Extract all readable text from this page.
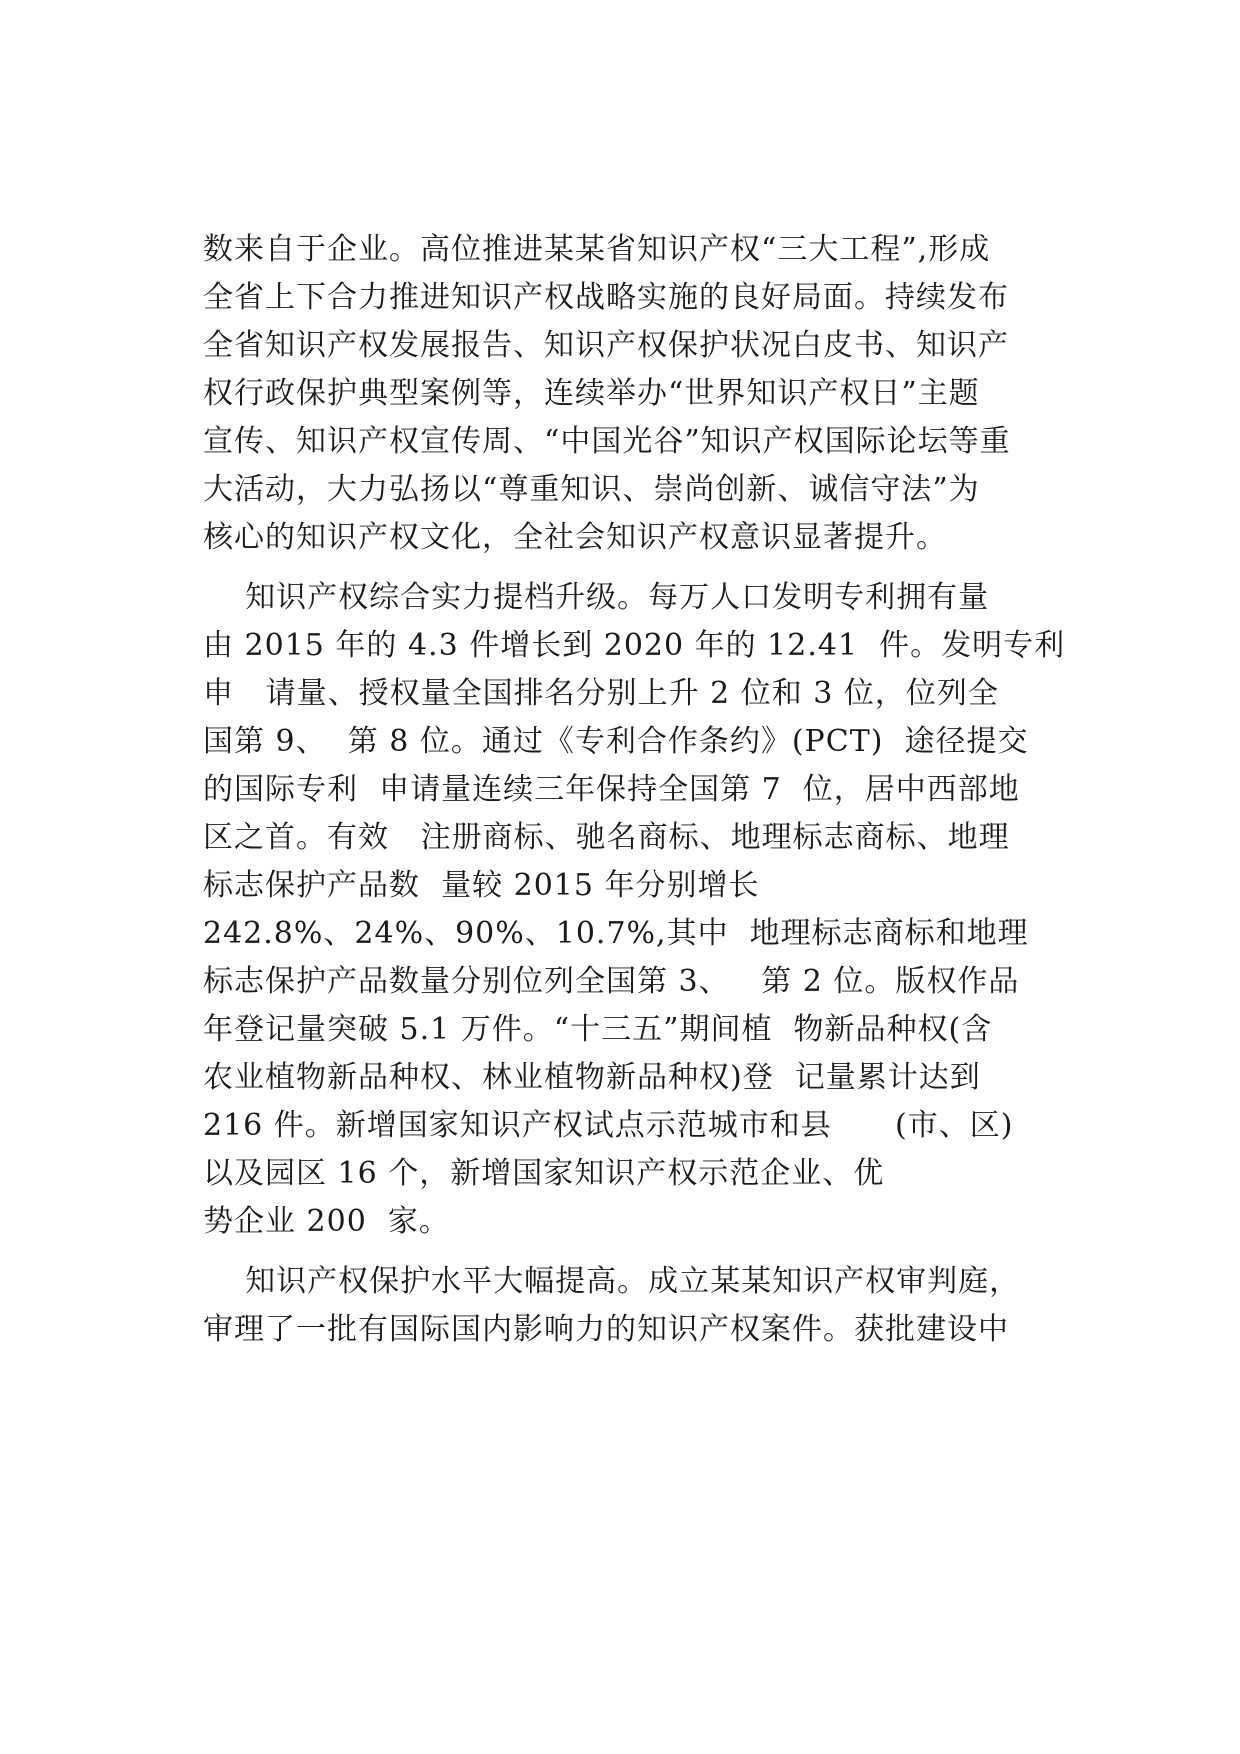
数来自于企业。高位推进某某省知识产权“三大工程”,形成
全省上下合力推进知识产权战略实施的良好局面。持续发布
全省知识产权发展报告、知识产权保护状况白皮书、知识产
权行政保护典型案例等，连续举办“世界知识产权日”主题
宣传、知识产权宣传周、“中国光谷”知识产权国际论坛等重
大活动，大力弘扬以“尊重知识、崇尚创新、诚信守法”为
核心的知识产权文化，全社会知识产权意识显著提升。
知识产权综合实力提档升级。每万人口发明专利拥有量
由 2015 年的 4.3 件增长到 2020 年的 12.41  件。发明专利
申   请量、授权量全国排名分别上升 2 位和 3 位，位列全
国第 9、  第 8 位。通过《专利合作条约》(PCT)  途径提交
的国际专利  申请量连续三年保持全国第 7  位，居中西部地
区之首。有效   注册商标、驰名商标、地理标志商标、地理
标志保护产品数  量较 2015 年分别增长
242.8%、24%、90%、10.7%,其中  地理标志商标和地理
标志保护产品数量分别位列全国第 3、   第 2 位。版权作品
年登记量突破 5.1 万件。“十三五”期间植  物新品种权(含
农业植物新品种权、林业植物新品种权)登  记量累计达到
216 件。新增国家知识产权试点示范城市和县      (市、区)
以及园区 16 个，新增国家知识产权示范企业、优
势企业 200  家。
知识产权保护水平大幅提高。成立某某知识产权审判庭，
审理了一批有国际国内影响力的知识产权案件。获批建设中
